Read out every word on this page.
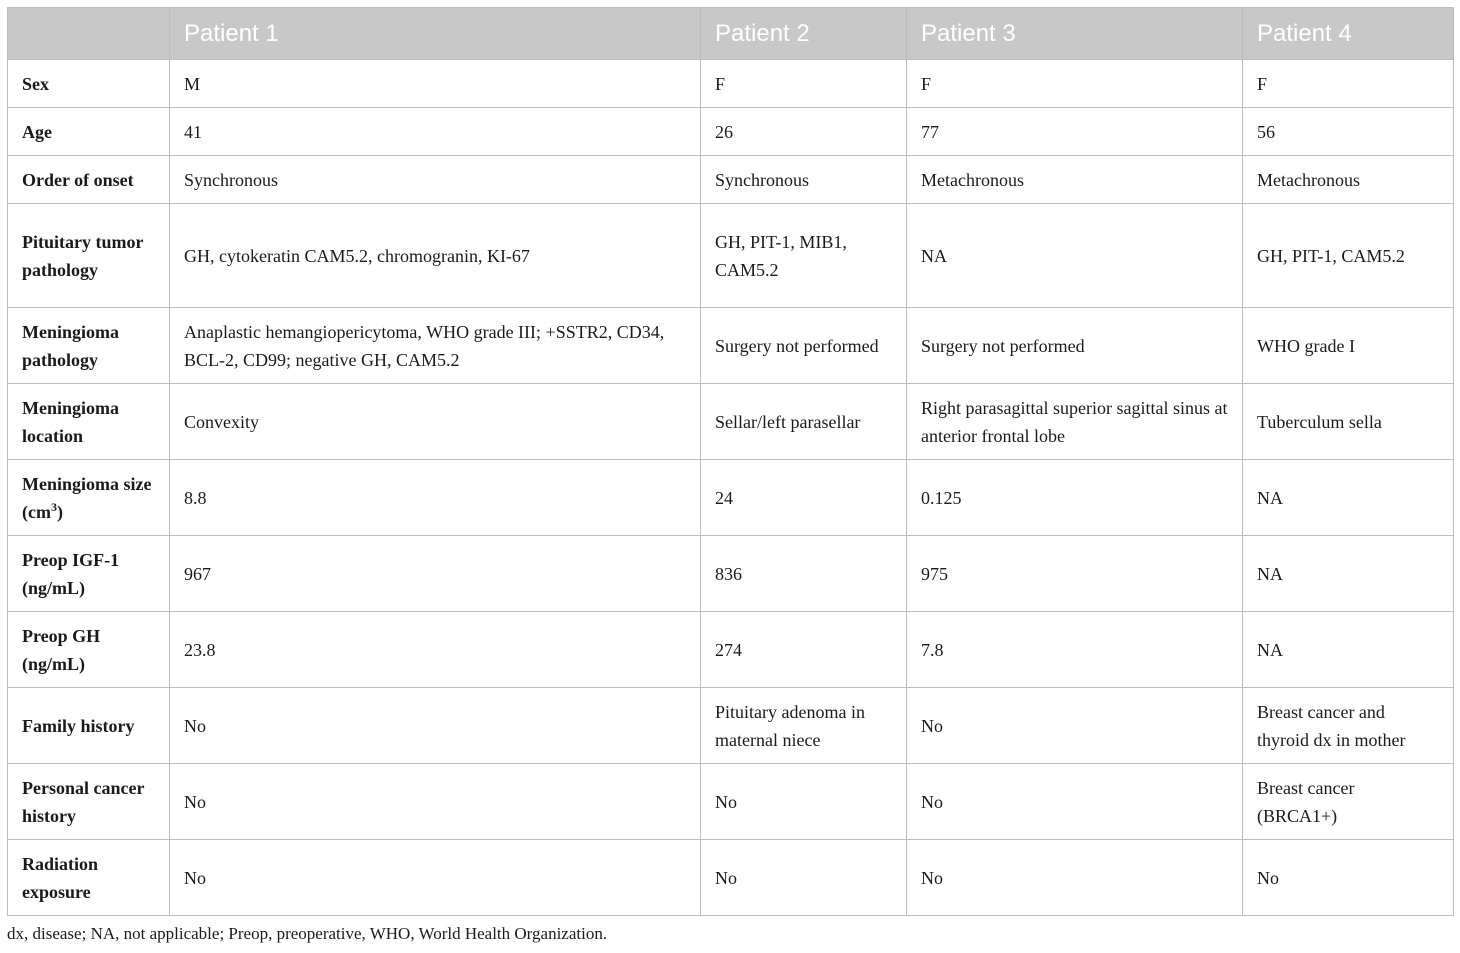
	Patient 1	Patient 2	Patient 3	Patient 4
Sex	M	F	F	F
Age	41	26	77	56
Order of onset	Synchronous	Synchronous	Metachronous	Metachronous
Pituitary tumor pathology	GH, cytokeratin CAM5.2, chromogranin, KI-67	GH, PIT-1, MIB1, CAM5.2	NA	GH, PIT-1, CAM5.2
Meningioma pathology	Anaplastic hemangiopericytoma, WHO grade III; +SSTR2, CD34, BCL-2, CD99; negative GH, CAM5.2	Surgery not performed	Surgery not performed	WHO grade I
Meningioma location	Convexity	Sellar/left parasellar	Right parasagittal superior sagittal sinus at anterior frontal lobe	Tuberculum sella
Meningioma size $(cm^3)$	8.8	24	0.125	NA
Preop IGF-1 (ng/mL)	967	836	975	NA
Preop GH (ng/mL)	23.8	274	7.8	NA
Family history	No	Pituitary adenoma in maternal niece	No	Breast cancer and thyroid dx in mother
Personal cancer history	No	No	No	Breast cancer (BRCA1+)
Radiation exposure	No	No	No	No
dx, disease; NA, not applicable; Preop, preoperative, WHO, World Health Organization.
